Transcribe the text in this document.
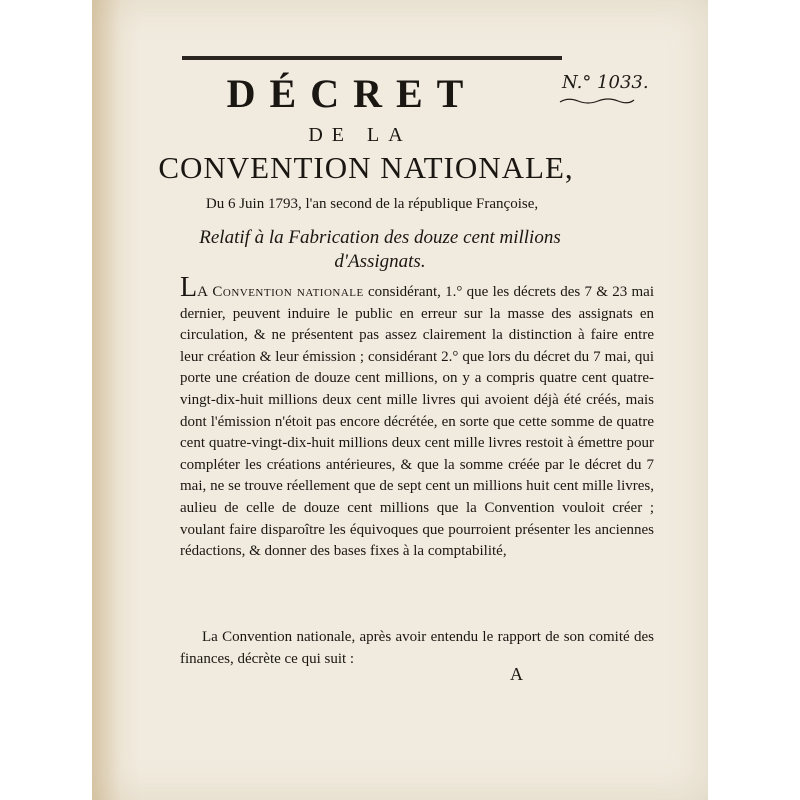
N.° 1033.
DÉCRET
DE LA
CONVENTION NATIONALE,
Du 6 Juin 1793, l'an second de la république Françoise,
Relatif à la Fabrication des douze cent millions d'Assignats.

LA Convention nationale considérant, 1.° que les décrets des 7 & 23 mai dernier, peuvent induire le public en erreur sur la masse des assignats en circulation, & ne présentent pas assez clairement la distinction à faire entre leur création & leur émission ; considérant 2.° que lors du décret du 7 mai, qui porte une création de douze cent millions, on y a compris quatre cent quatre-vingt-dix-huit millions deux cent mille livres qui avoient déjà été créés, mais dont l'émission n'étoit pas encore décrétée, en sorte que cette somme de quatre cent quatre-vingt-dix-huit millions deux cent mille livres restoit à émettre pour compléter les créations antérieures, & que la somme créée par le décret du 7 mai, ne se trouve réellement que de sept cent un millions huit cent mille livres, aulieu de celle de douze cent millions que la Convention vouloit créer ; voulant faire disparoître les équivoques que pourroient présenter les anciennes rédactions, & donner des bases fixes à la comptabilité,

La Convention nationale, après avoir entendu le rapport de son comité des finances, décrète ce qui suit :

A
